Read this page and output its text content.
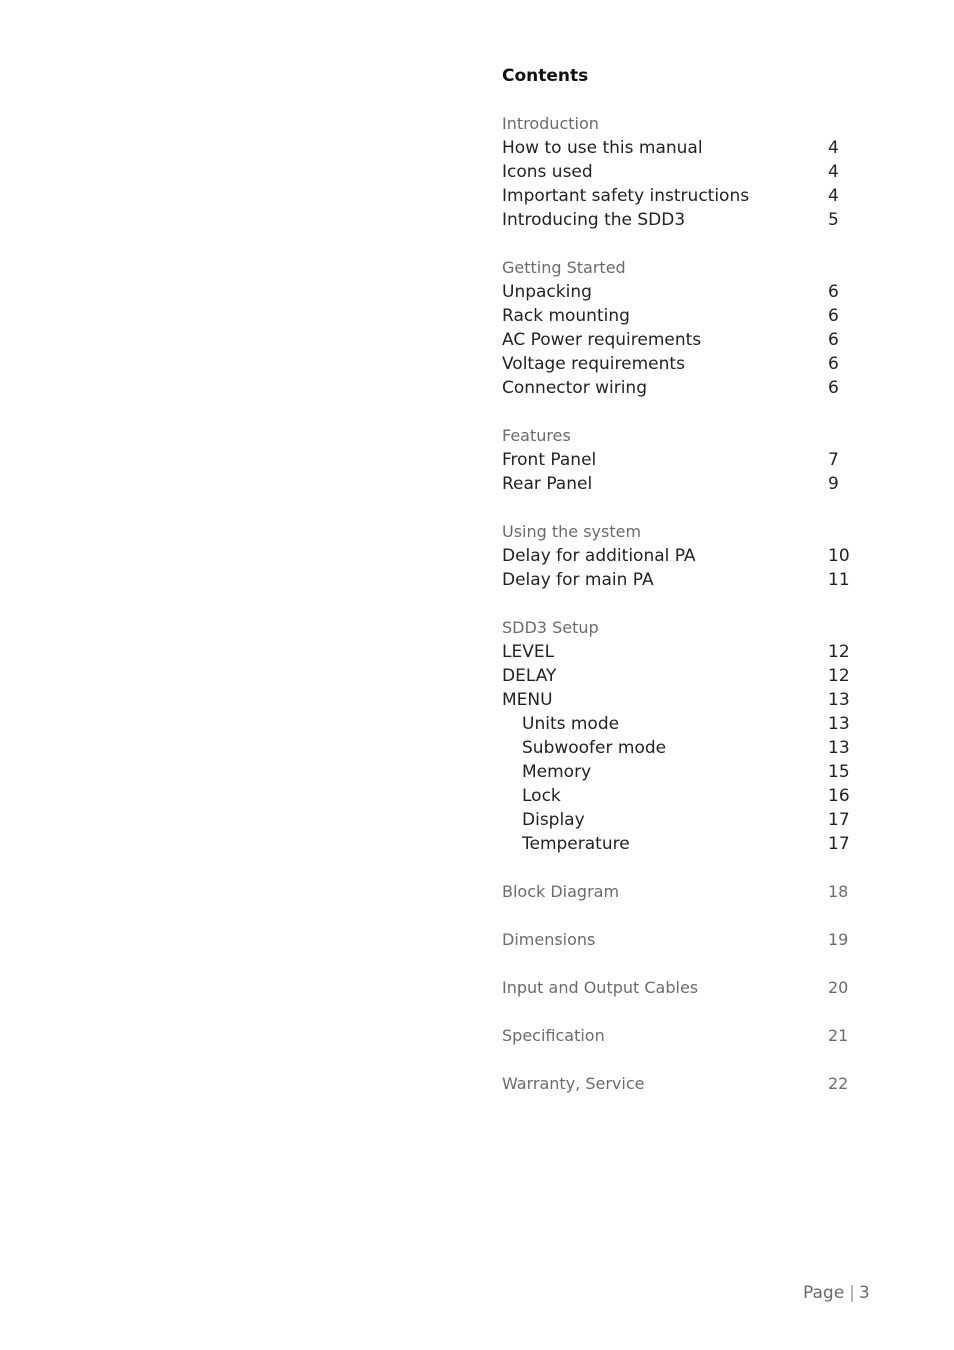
Contents
Introduction
How to use this manual	4
Icons used	4
Important safety instructions	4
Introducing the SDD3	5
Getting Started
Unpacking	6
Rack mounting	6
AC Power requirements	6
Voltage requirements	6
Connector wiring	6
Features
Front Panel	7
Rear Panel	9
Using the system
Delay for additional PA	10
Delay for main PA	11
SDD3 Setup
LEVEL	12
DELAY	12
MENU	13
Units mode	13
Subwoofer mode	13
Memory	15
Lock	16
Display	17
Temperature	17
Block Diagram	18
Dimensions	19
Input and Output Cables	20
Specification	21
Warranty, Service	22
Page | 3
